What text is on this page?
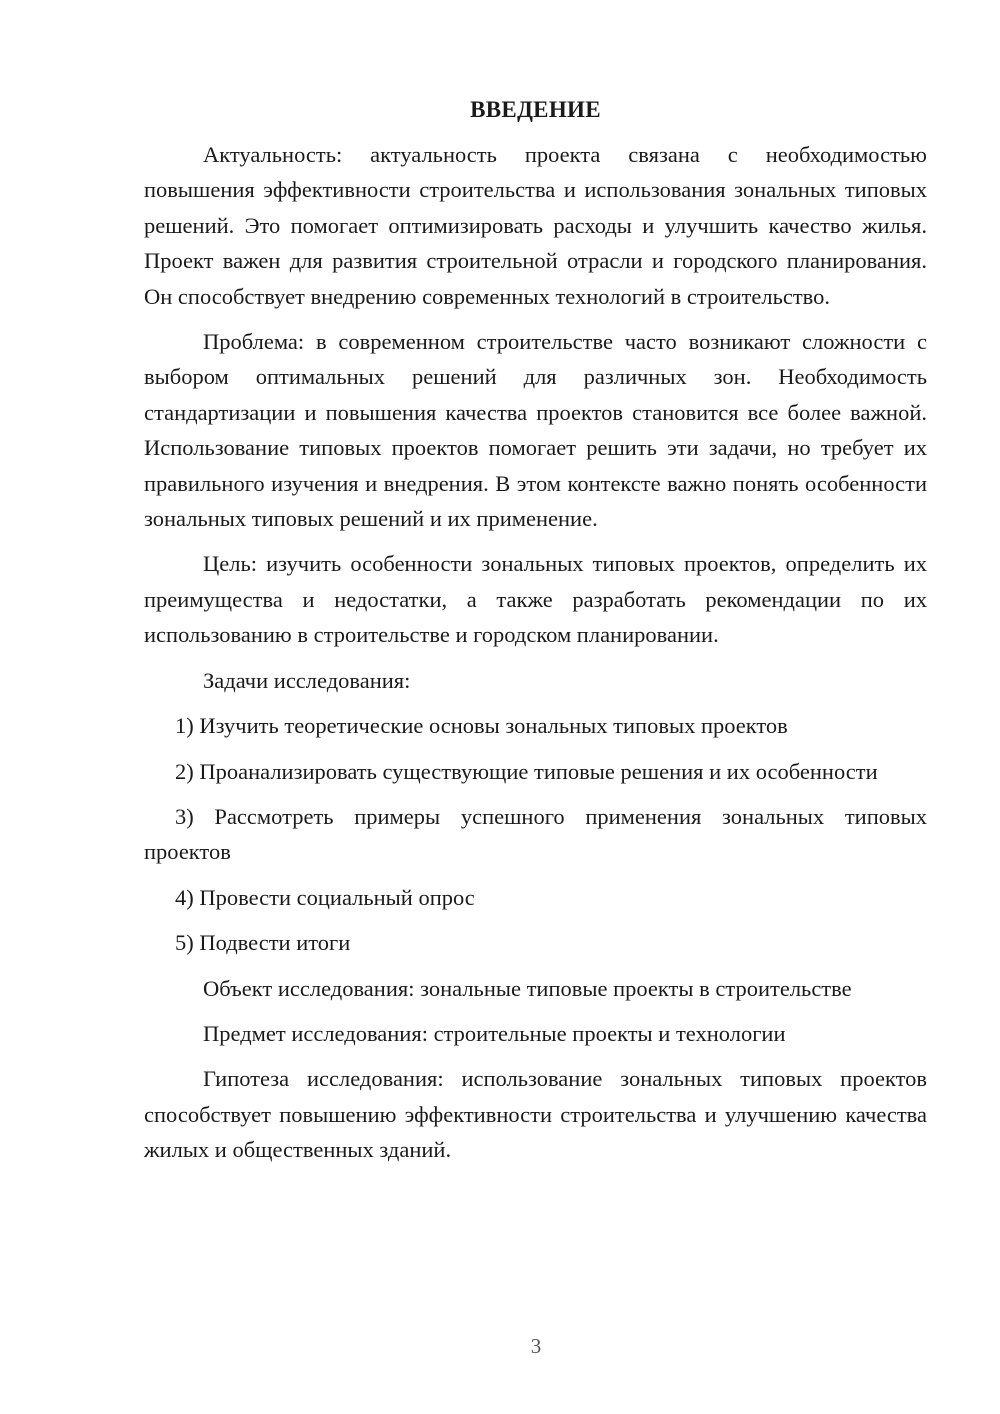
ВВЕДЕНИЕ

Актуальность: актуальность проекта связана с необходимостью повышения эффективности строительства и использования зональных типовых решений. Это помогает оптимизировать расходы и улучшить качество жилья. Проект важен для развития строительной отрасли и городского планирования. Он способствует внедрению современных технологий в строительство.

Проблема: в современном строительстве часто возникают сложности с выбором оптимальных решений для различных зон. Необходимость стандартизации и повышения качества проектов становится все более важной. Использование типовых проектов помогает решить эти задачи, но требует их правильного изучения и внедрения. В этом контексте важно понять особенности зональных типовых решений и их применение.

Цель: изучить особенности зональных типовых проектов, определить их преимущества и недостатки, а также разработать рекомендации по их использованию в строительстве и городском планировании.

Задачи исследования:

1) Изучить теоретические основы зональных типовых проектов

2) Проанализировать существующие типовые решения и их особенности

3) Рассмотреть примеры успешного применения зональных типовых проектов

4) Провести социальный опрос

5) Подвести итоги

Объект исследования: зональные типовые проекты в строительстве

Предмет исследования: строительные проекты и технологии

Гипотеза исследования: использование зональных типовых проектов способствует повышению эффективности строительства и улучшению качества жилых и общественных зданий.

3
